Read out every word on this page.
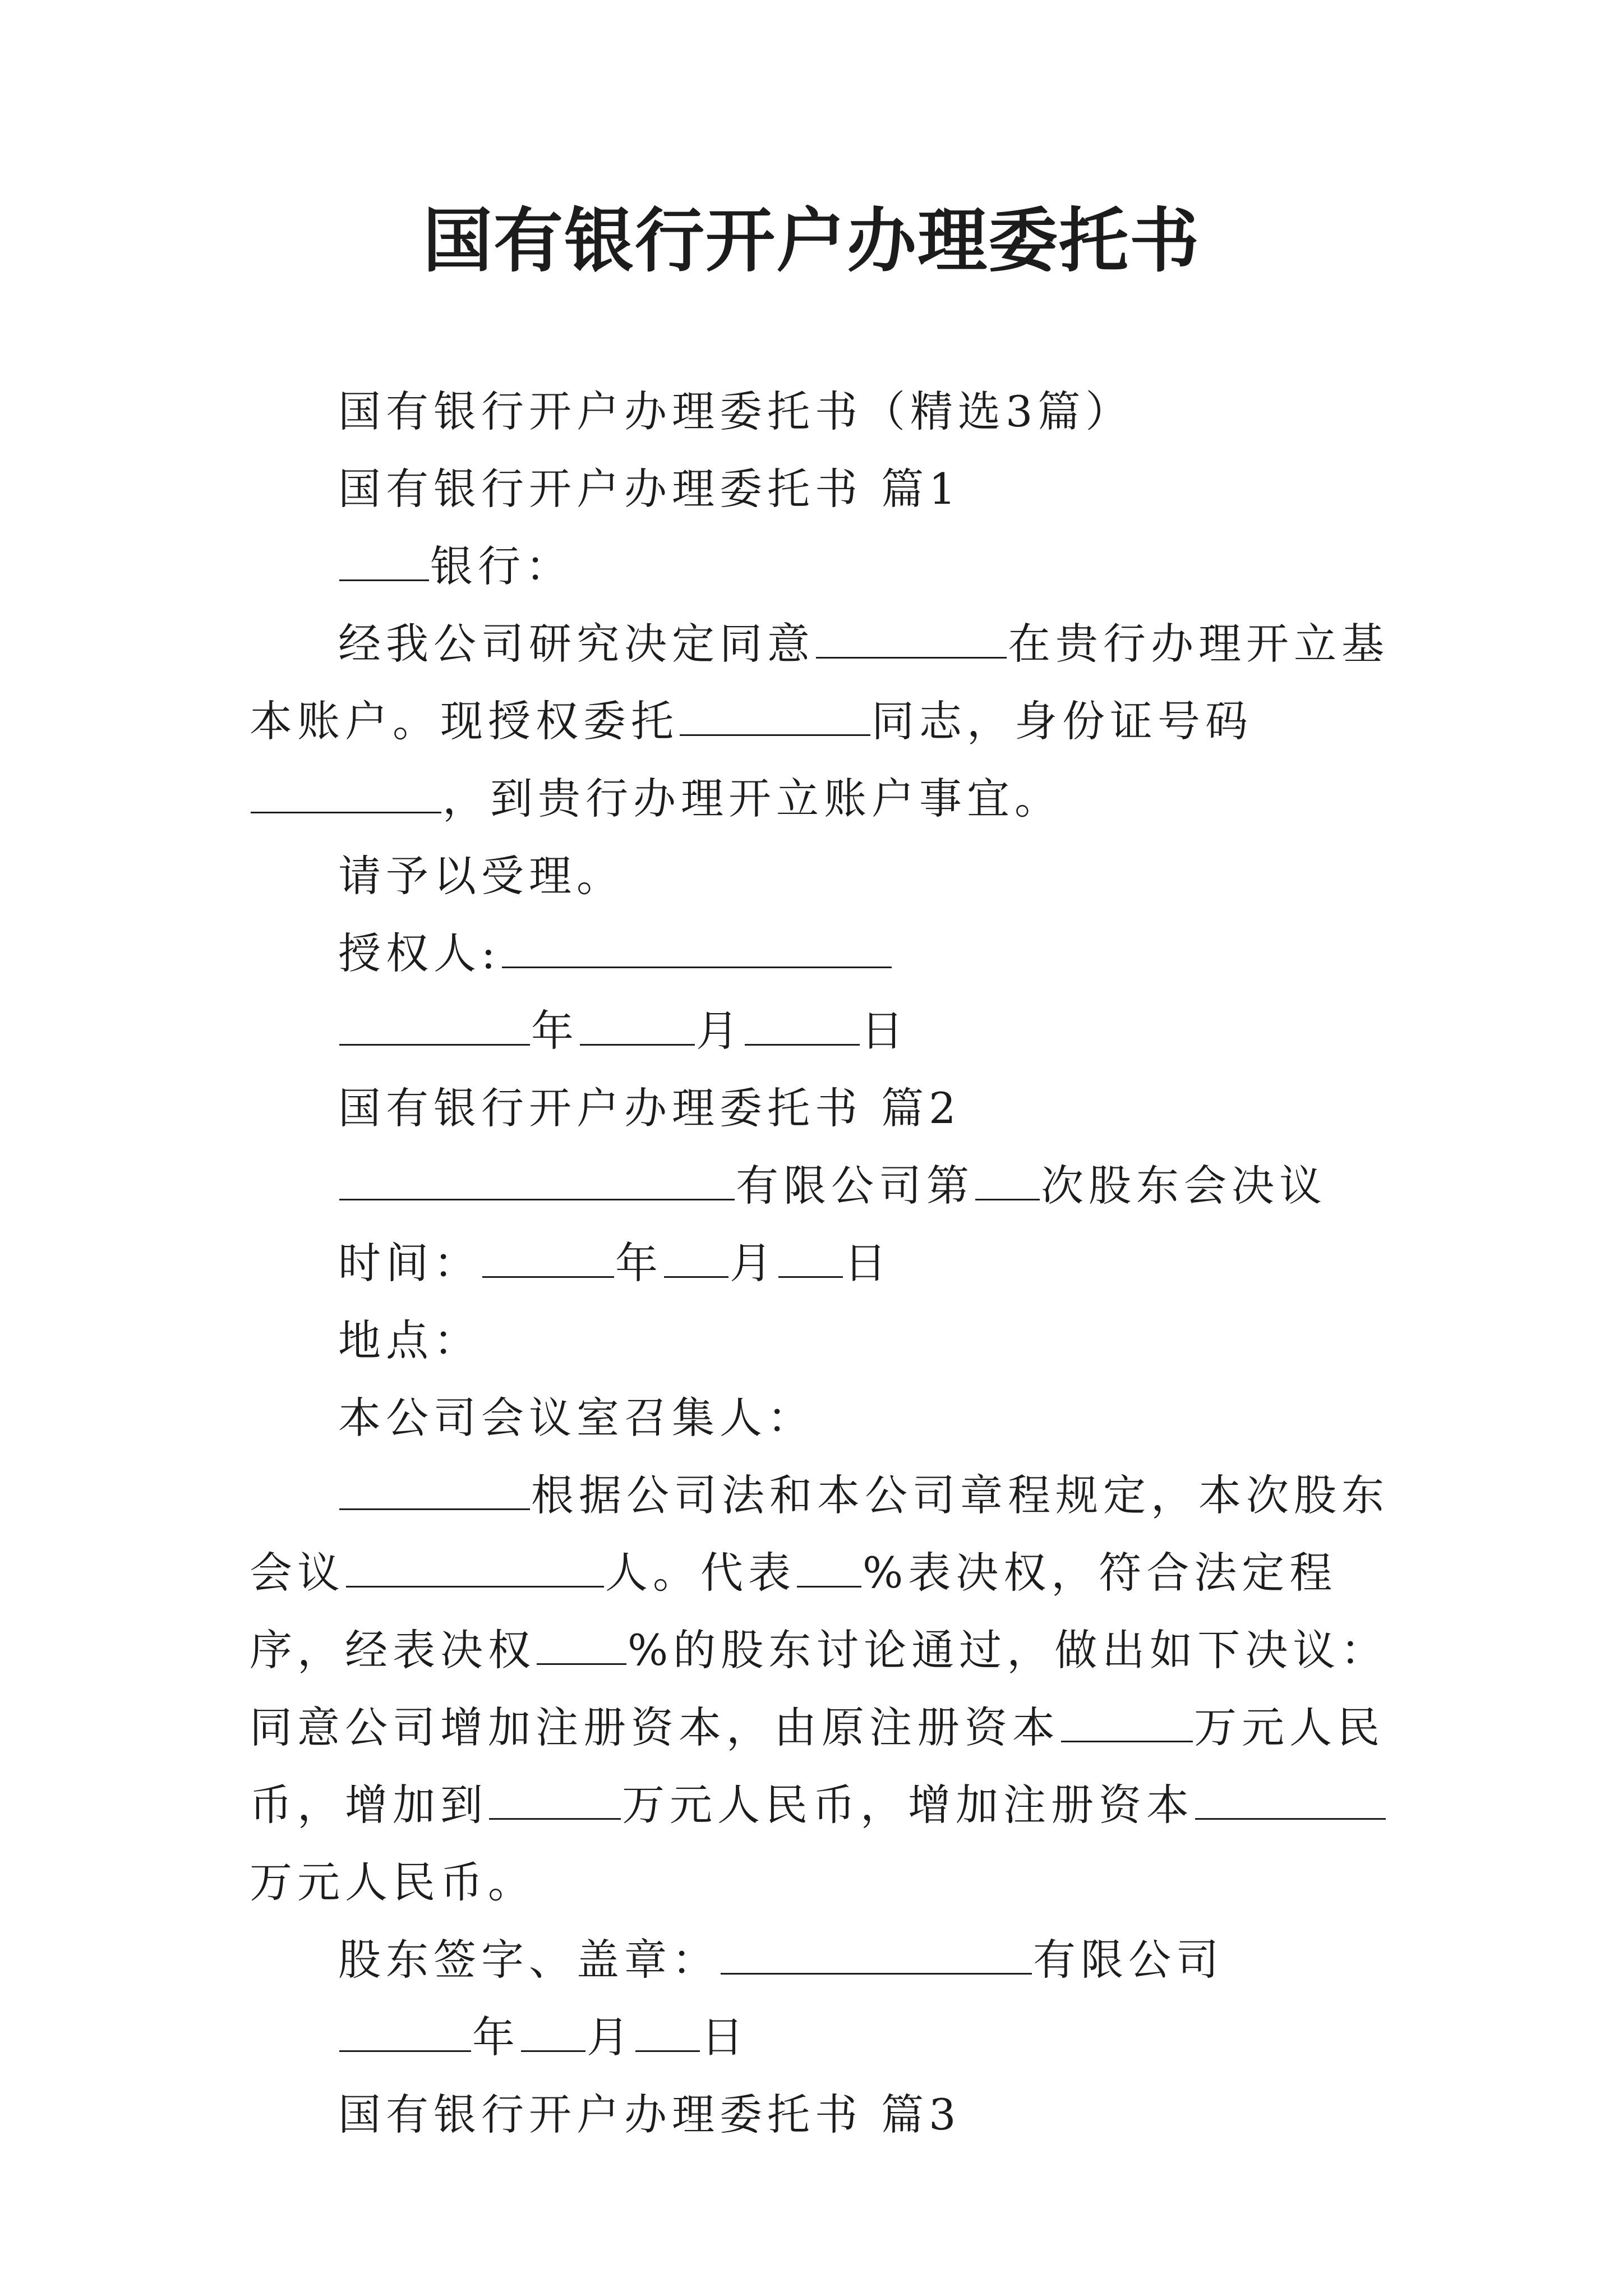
国有银行开户办理委托书

国有银行开户办理委托书（精选3篇）

国有银行开户办理委托书 篇1

银行：

经我公司研究决定同意	在贵行办理开立基本账户。现授权委托	同志，身份证号码，到贵行办理开立账户事宜。

请予以受理。

授权人:

年	月	日

国有银行开户办理委托书 篇2

有限公司第 次股东会决议

时间：	年 月 日

地点：

本公司会议室召集人：

根据公司法和本公司章程规定，本次股东会议	人。代表 %表决权，符合法定程序，经表决权 %的股东讨论通过，做出如下决议：同意公司增加注册资本，由原注册资本	万元人民币，增加到	万元人民币，增加注册资本万元人民币。

股东签字、盖章：	有限公司

年 月 日

国有银行开户办理委托书 篇3
